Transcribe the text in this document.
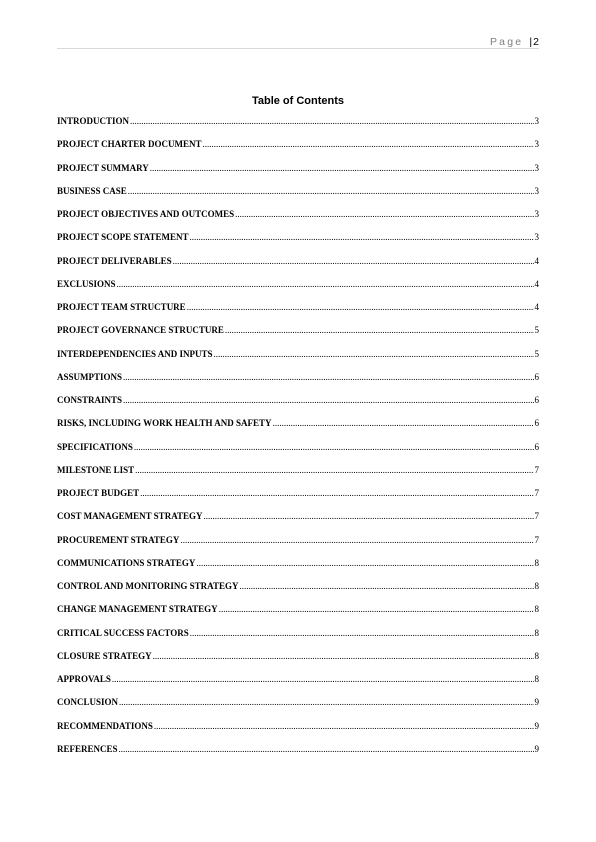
Page |2
Table of Contents
INTRODUCTION .....	3
PROJECT CHARTER DOCUMENT .....	3
PROJECT SUMMARY .....	3
BUSINESS CASE .....	3
PROJECT OBJECTIVES AND OUTCOMES .....	3
PROJECT SCOPE STATEMENT .....	3
PROJECT DELIVERABLES .....	4
EXCLUSIONS .....	4
PROJECT TEAM STRUCTURE .....	4
PROJECT GOVERNANCE STRUCTURE .....	5
INTERDEPENDENCIES AND INPUTS .....	5
ASSUMPTIONS .....	6
CONSTRAINTS .....	6
RISKS, INCLUDING WORK HEALTH AND SAFETY .....	6
SPECIFICATIONS .....	6
MILESTONE LIST .....	7
PROJECT BUDGET .....	7
COST MANAGEMENT STRATEGY .....	7
PROCUREMENT STRATEGY .....	7
COMMUNICATIONS STRATEGY .....	8
CONTROL AND MONITORING STRATEGY .....	8
CHANGE MANAGEMENT STRATEGY .....	8
CRITICAL SUCCESS FACTORS .....	8
CLOSURE STRATEGY .....	8
APPROVALS .....	8
CONCLUSION .....	9
RECOMMENDATIONS .....	9
REFERENCES .....	9
